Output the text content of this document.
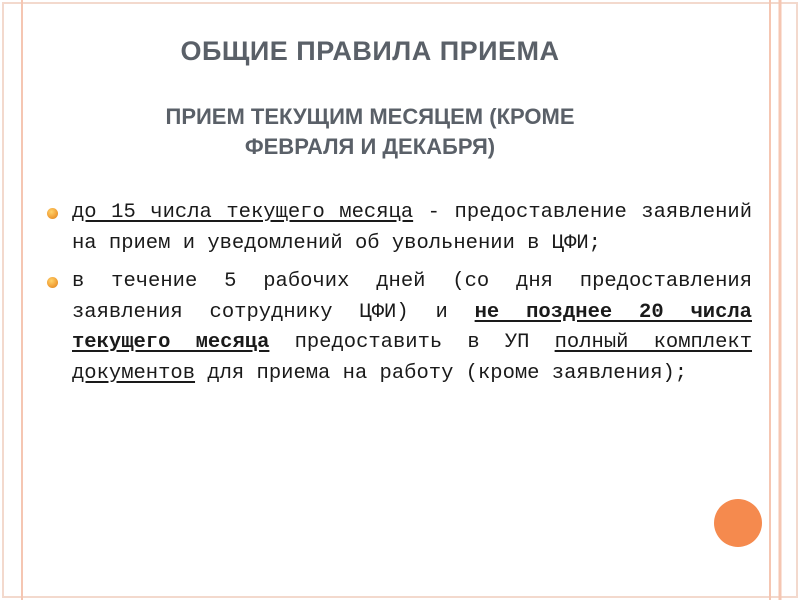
ОБЩИЕ ПРАВИЛА ПРИЕМА
ПРИЕМ ТЕКУЩИМ МЕСЯЦЕМ (КРОМЕ
ФЕВРАЛЯ И ДЕКАБРЯ)
до 15 числа текущего месяца - предоставление заявлений на прием и уведомлений об увольнении в ЦФИ;
в течение 5 рабочих дней (со дня предоставления заявления сотруднику ЦФИ) и не позднее 20 числа текущего месяца предоставить в УП полный комплект документов для приема на работу (кроме заявления);
